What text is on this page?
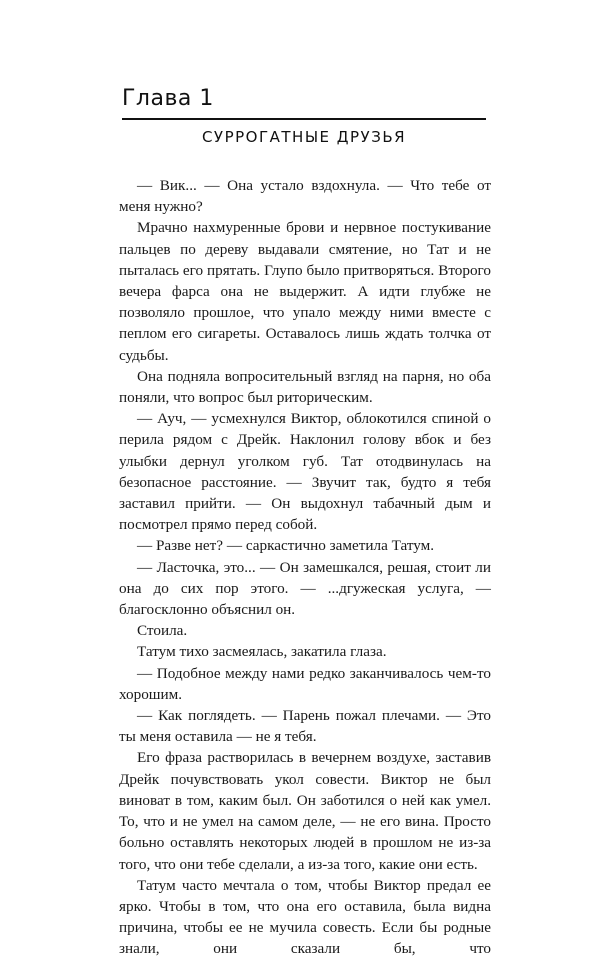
Глава 1
СУРРОГАТНЫЕ ДРУЗЬЯ

— Вик... — Она устало вздохнула. — Что тебе от меня нужно?

Мрачно нахмуренные брови и нервное постукивание пальцев по дереву выдавали смятение, но Тат и не пыталась его прятать. Глупо было притворяться. Второго вечера фарса она не выдержит. А идти глубже не позволяло прошлое, что упало между ними вместе с пеплом его сигареты. Оставалось лишь ждать толчка от судьбы.

Она подняла вопросительный взгляд на парня, но оба поняли, что вопрос был риторическим.

— Ауч, — усмехнулся Виктор, облокотился спиной о перила рядом с Дрейк. Наклонил голову вбок и без улыбки дернул уголком губ. Тат отодвинулась на безопасное расстояние. — Звучит так, будто я тебя заставил прийти. — Он выдохнул табачный дым и посмотрел прямо перед собой.

— Разве нет? — саркастично заметила Татум.

— Ласточка, это... — Он замешкался, решая, стоит ли она до сих пор этого. — ...дгужеская услуга, — благосклонно объяснил он.

Стоила.

Татум тихо засмеялась, закатила глаза.

— Подобное между нами редко заканчивалось чем-то хорошим.

— Как поглядеть. — Парень пожал плечами. — Это ты меня оставила — не я тебя.

Его фраза растворилась в вечернем воздухе, заставив Дрейк почувствовать укол совести. Виктор не был виноват в том, каким был. Он заботился о ней как умел. То, что и не умел на самом деле, — не его вина. Просто больно оставлять некоторых людей в прошлом не из-за того, что они тебе сделали, а из-за того, какие они есть.

Татум часто мечтала о том, чтобы Виктор предал ее ярко. Чтобы в том, что она его оставила, была видна причина, чтобы ее не мучила совесть. Если бы родные знали, они сказали бы, что
